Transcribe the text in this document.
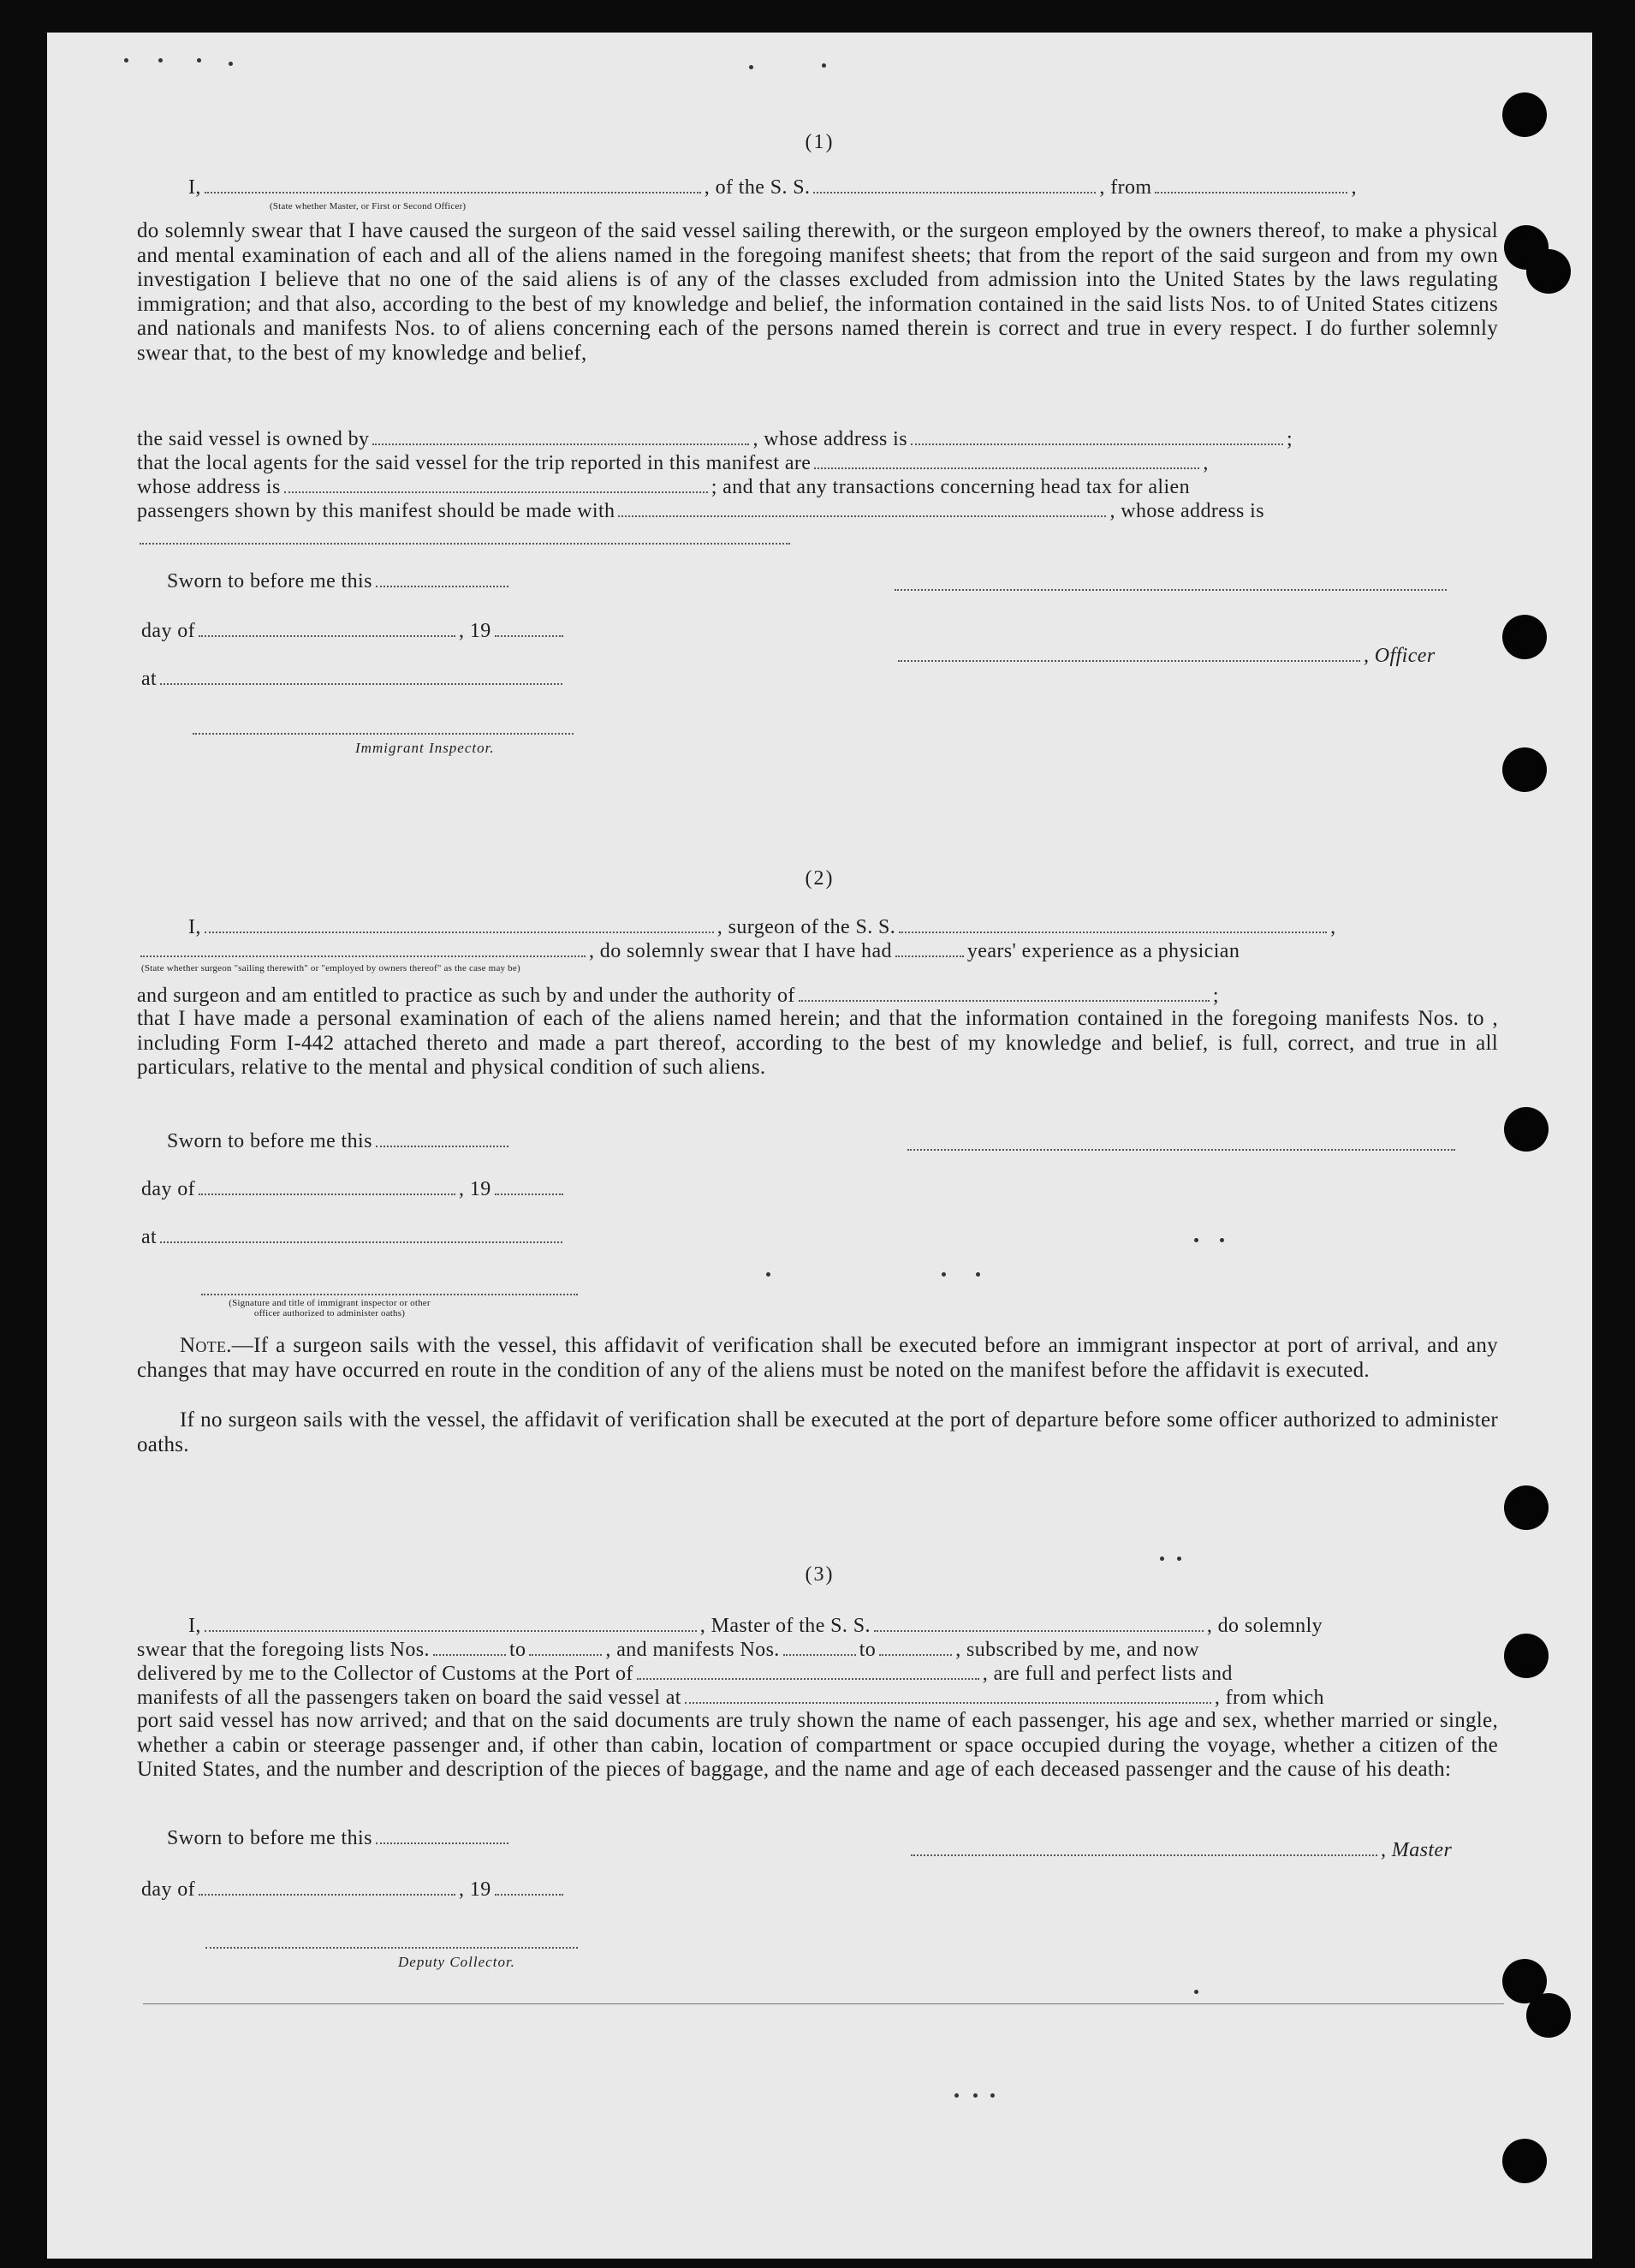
(1)
I,	, of the S. S.	, from	,
(State whether Master, or First or Second Officer)
do solemnly swear that I have caused the surgeon of the said vessel sailing therewith, or the surgeon employed by the owners thereof, to make a physical and mental examination of each and all of the aliens named in the foregoing manifest sheets; that from the report of the said surgeon and from my own investigation I believe that no one of the said aliens is of any of the classes excluded from admission into the United States by the laws regulating immigration; and that also, according to the best of my knowledge and belief, the information contained in the said lists Nos. to of United States citizens and nationals and manifests Nos. to of aliens concerning each of the persons named therein is correct and true in every respect. I do further solemnly swear that, to the best of my knowledge and belief,
the said vessel is owned by	, whose address is	;
that the local agents for the said vessel for the trip reported in this manifest are	,
whose address is	; and that any transactions concerning head tax for alien
passengers shown by this manifest should be made with	, whose address is
Sworn to before me this
day of	, 19
, Officer
at
Immigrant Inspector.
(2)
I,	, surgeon of the S. S.	,
, do solemnly swear that I have had	years' experience as a physician
(State whether surgeon "sailing therewith" or "employed by owners thereof" as the case may be)
and surgeon and am entitled to practice as such by and under the authority of	;
that I have made a personal examination of each of the aliens named herein; and that the information contained in the foregoing manifests Nos. to , including Form I-442 attached thereto and made a part thereof, according to the best of my knowledge and belief, is full, correct, and true in all particulars, relative to the mental and physical condition of such aliens.
Sworn to before me this
day of	, 19
at
(Signature and title of immigrant inspector or other officer authorized to administer oaths)
Note.—If a surgeon sails with the vessel, this affidavit of verification shall be executed before an immigrant inspector at port of arrival, and any changes that may have occurred en route in the condition of any of the aliens must be noted on the manifest before the affidavit is executed.
If no surgeon sails with the vessel, the affidavit of verification shall be executed at the port of departure before some officer authorized to administer oaths.
(3)
I,	, Master of the S. S.	, do solemnly
swear that the foregoing lists Nos.	to	, and manifests Nos.	to	, subscribed by me, and now
delivered by me to the Collector of Customs at the Port of	, are full and perfect lists and
manifests of all the passengers taken on board the said vessel at	, from which
port said vessel has now arrived; and that on the said documents are truly shown the name of each passenger, his age and sex, whether married or single, whether a cabin or steerage passenger and, if other than cabin, location of compartment or space occupied during the voyage, whether a citizen of the United States, and the number and description of the pieces of baggage, and the name and age of each deceased passenger and the cause of his death:
Sworn to before me this
, Master
day of	, 19
Deputy Collector.
